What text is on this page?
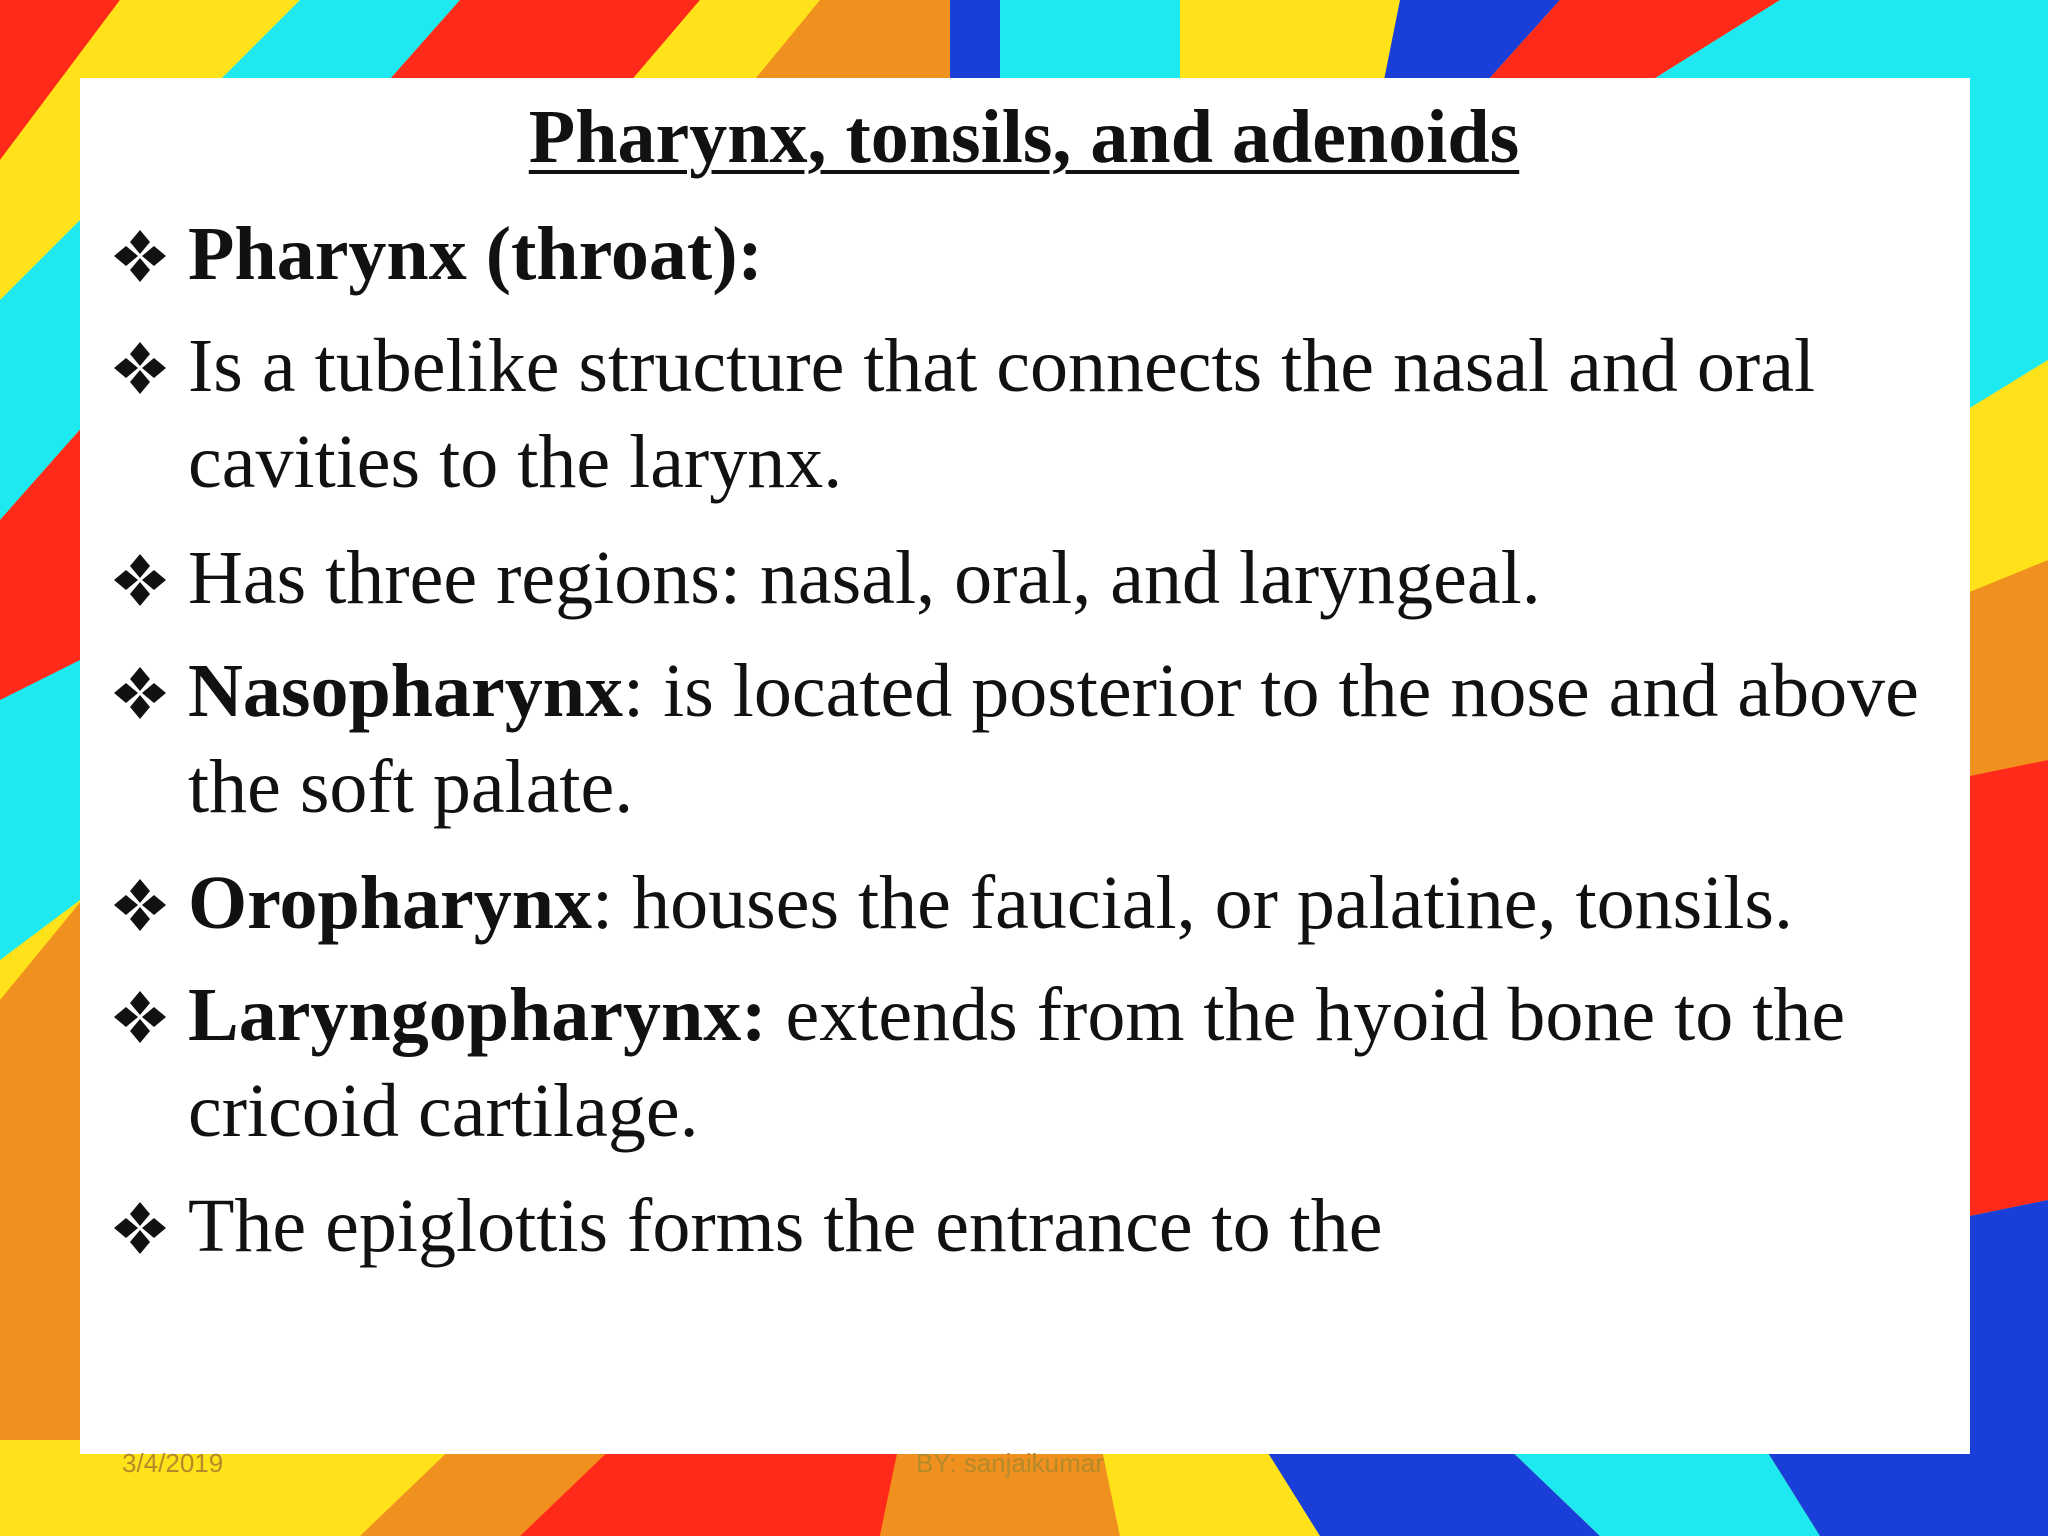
Pharynx, tonsils, and adenoids
Pharynx (throat):
Is a tubelike structure that connects the nasal and oral cavities to the larynx.
Has three regions: nasal, oral, and laryngeal.
Nasopharynx: is located posterior to the nose and above the soft palate.
Oropharynx: houses the faucial, or palatine, tonsils.
Laryngopharynx: extends from the hyoid bone to the cricoid cartilage.
The epiglottis forms the entrance to the
3/4/2019	BY: sanjaikumar
